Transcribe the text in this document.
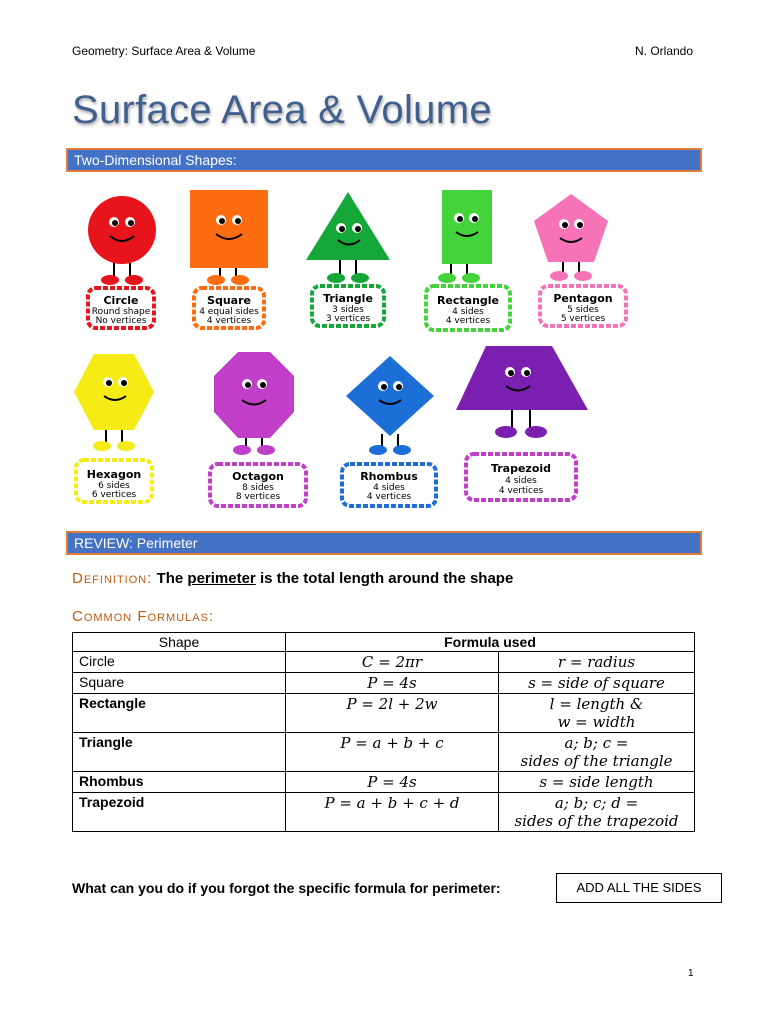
Geometry: Surface Area & Volume	N. Orlando
Surface Area & Volume
Two-Dimensional Shapes:
Circle
Round shape
No vertices
Square
4 equal sides
4 vertices
Triangle
3 sides
3 vertices
Rectangle
4 sides
4 vertices
Pentagon
5 sides
5 vertices
Hexagon
6 sides
6 vertices
Octagon
8 sides
8 vertices
Rhombus
4 sides
4 vertices
Trapezoid
4 sides
4 vertices
REVIEW: Perimeter
Definition: The perimeter is the total length around the shape
Common Formulas:
Shape	Formula used	
Circle	C = 2πr	r = radius
Square	P = 4s	s = side of square
Rectangle	P = 2l + 2w	l = length &
w = width
Triangle	P = a + b + c	a; b; c =
sides of the triangle
Rhombus	P = 4s	s = side length
Trapezoid	P = a + b + c + d	a; b; c; d =
sides of the trapezoid
What can you do if you forgot the specific formula for perimeter:	ADD ALL THE SIDES
1
